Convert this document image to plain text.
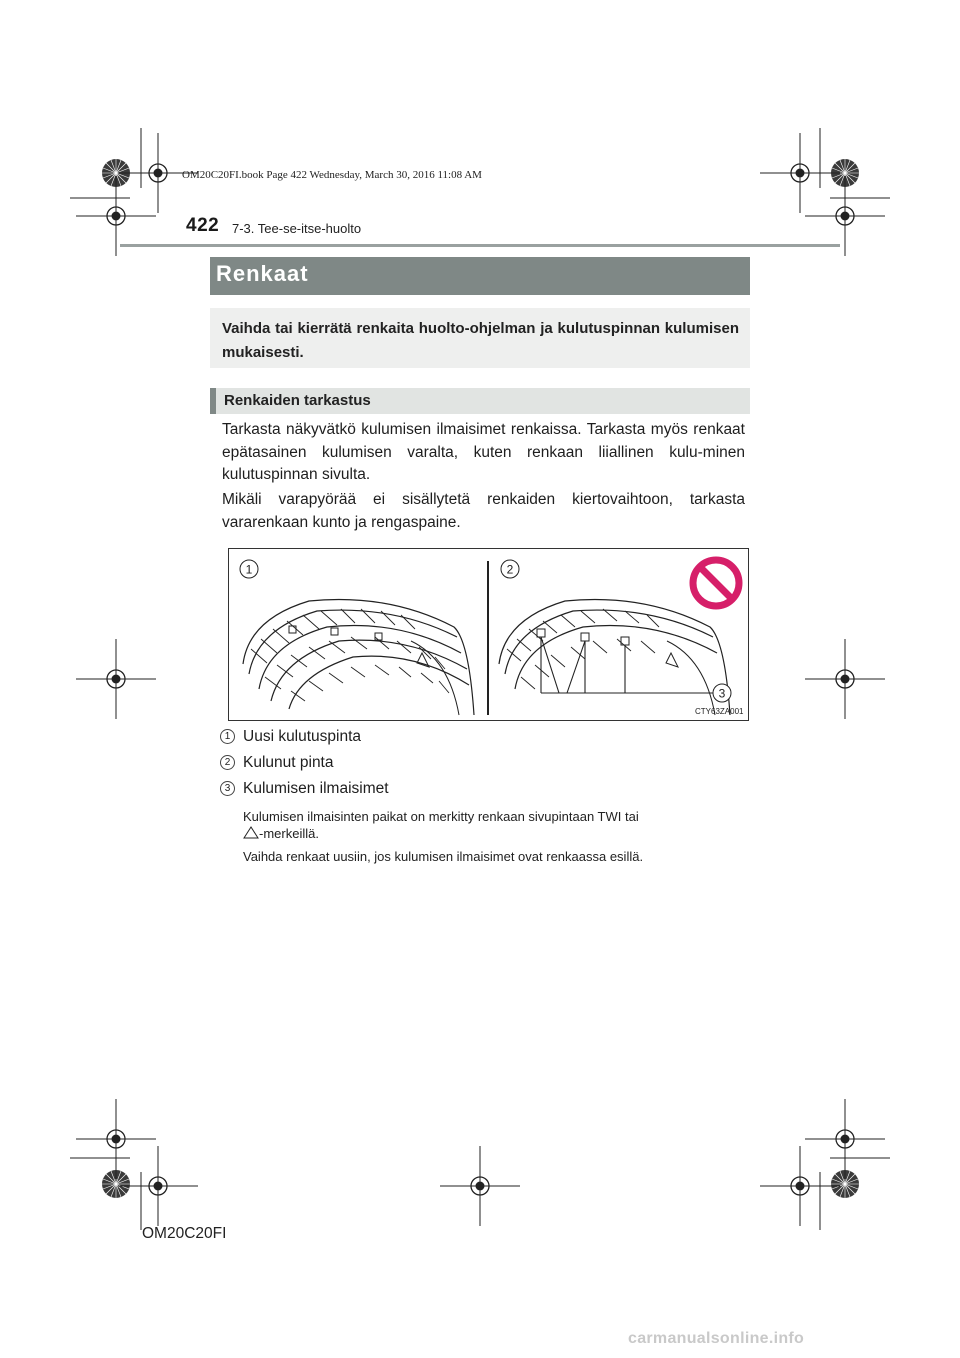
OM20C20FI.book Page 422 Wednesday, March 30, 2016 11:08 AM
422 7-3. Tee-se-itse-huolto
Renkaat

Vaihda tai kierrätä renkaita huolto-ohjelman ja kulutuspinnan kulumisen mukaisesti.

Renkaiden tarkastus

Tarkasta näkyvätkö kulumisen ilmaisimet renkaissa. Tarkasta myös renkaat epätasainen kulumisen varalta, kuten renkaan liiallinen kulu-minen kulutuspinnan sivulta.

Mikäli varapyörää ei sisällytetä renkaiden kiertovaihtoon, tarkasta vararenkaan kunto ja rengaspaine.

1	2
3
CTY63ZA001
1 Uusi kulutuspinta
2 Kulunut pinta
3 Kulumisen ilmaisimet

Kulumisen ilmaisinten paikat on merkitty renkaan sivupintaan TWI tai

-merkeillä.

Vaihda renkaat uusiin, jos kulumisen ilmaisimet ovat renkaassa esillä.

OM20C20FI
carmanualsonline.info
